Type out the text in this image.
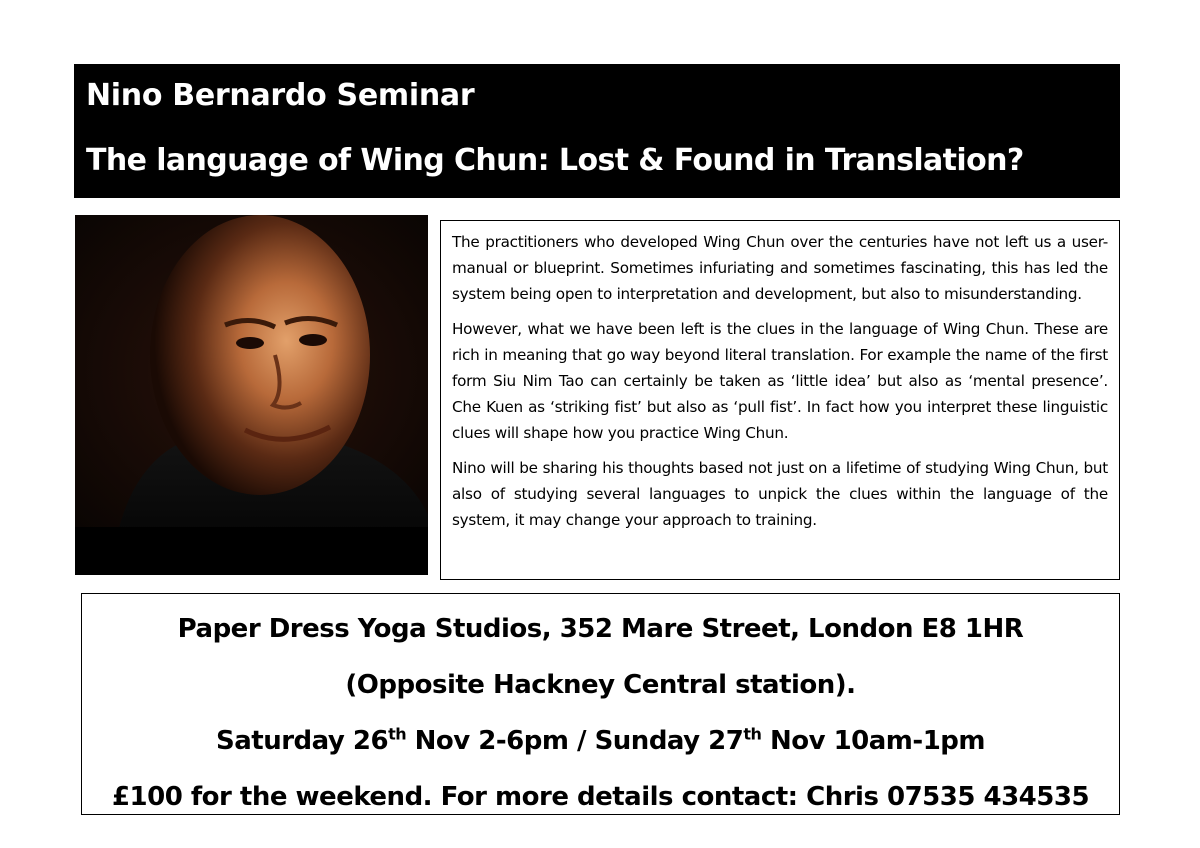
Nino Bernardo Seminar
The language of Wing Chun: Lost & Found in Translation?

The practitioners who developed Wing Chun over the centuries have not left us a user-manual or blueprint. Sometimes infuriating and sometimes fascinating, this has led the system being open to interpretation and development, but also to misunderstanding.

However, what we have been left is the clues in the language of Wing Chun. These are rich in meaning that go way beyond literal translation. For example the name of the first form Siu Nim Tao can certainly be taken as ‘little idea’ but also as ‘mental presence’. Che Kuen as ‘striking fist’ but also as ‘pull fist’. In fact how you interpret these linguistic clues will shape how you practice Wing Chun.

Nino will be sharing his thoughts based not just on a lifetime of studying Wing Chun, but also of studying several languages to unpick the clues within the language of the system, it may change your approach to training.

Paper Dress Yoga Studios, 352 Mare Street, London E8 1HR
(Opposite Hackney Central station).
Saturday 26th Nov 2-6pm / Sunday 27th Nov 10am-1pm
£100 for the weekend. For more details contact: Chris 07535 434535
